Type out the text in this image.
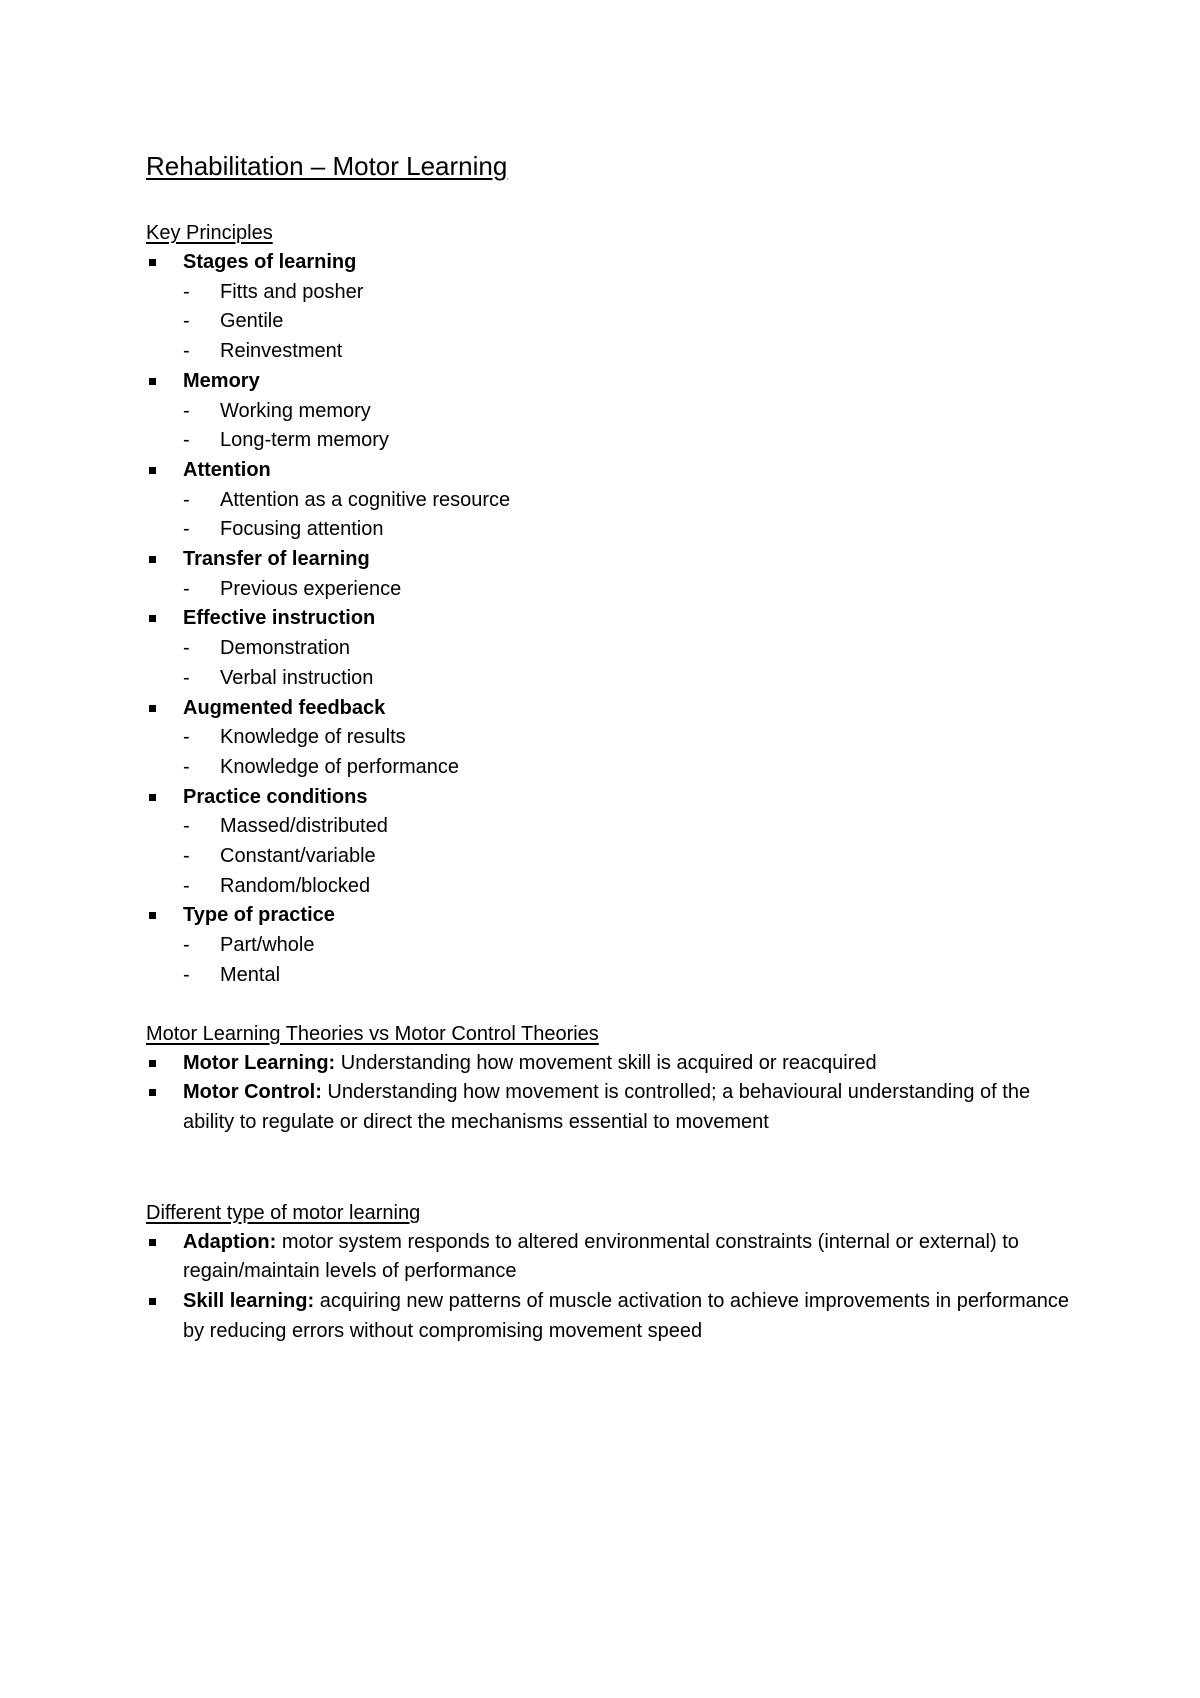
Rehabilitation – Motor Learning
Key Principles
Stages of learning
- Fitts and posher
- Gentile
- Reinvestment
Memory
- Working memory
- Long-term memory
Attention
- Attention as a cognitive resource
- Focusing attention
Transfer of learning
- Previous experience
Effective instruction
- Demonstration
- Verbal instruction
Augmented feedback
- Knowledge of results
- Knowledge of performance
Practice conditions
- Massed/distributed
- Constant/variable
- Random/blocked
Type of practice
- Part/whole
- Mental
Motor Learning Theories vs Motor Control Theories
Motor Learning: Understanding how movement skill is acquired or reacquired
Motor Control: Understanding how movement is controlled; a behavioural understanding of the ability to regulate or direct the mechanisms essential to movement
Different type of motor learning
Adaption: motor system responds to altered environmental constraints (internal or external) to regain/maintain levels of performance
Skill learning: acquiring new patterns of muscle activation to achieve improvements in performance by reducing errors without compromising movement speed
